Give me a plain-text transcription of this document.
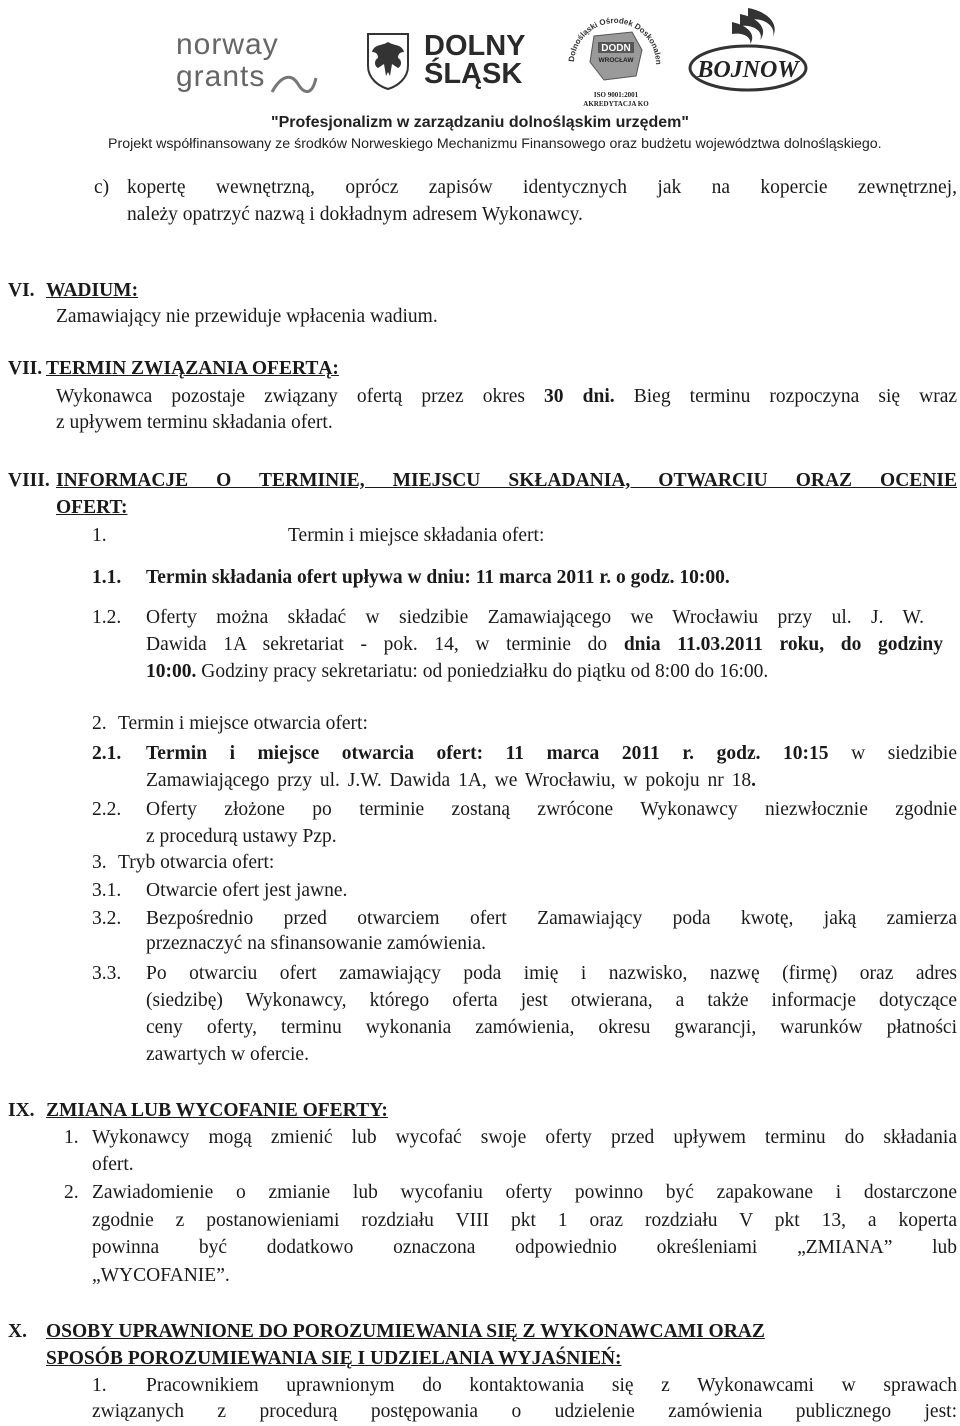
norway
grants
DOLNY
ŚLĄSK	Dolnośląski Ośrodek Doskonalen
DODN
WROCŁAW
ISO 9001:2001
AKREDYTACJA KO
BOJNOW
"Profesjonalizm w zarządzaniu dolnośląskim urzędem"
Projekt współfinansowany ze środków Norweskiego Mechanizmu Finansowego oraz budżetu województwa dolnośląskiego.
c) kopertę wewnętrzną, oprócz zapisów identycznych jak na kopercie zewnętrznej,
należy opatrzyć nazwą i dokładnym adresem Wykonawcy.
VI. WADIUM:
Zamawiający nie przewiduje wpłacenia wadium.
VII. TERMIN ZWIĄZANIA OFERTĄ:
Wykonawca pozostaje związany ofertą przez okres 30 dni. Bieg terminu rozpoczyna się wraz
z upływem terminu składania ofert.
VIII. INFORMACJE O TERMINIE, MIEJSCU SKŁADANIA, OTWARCIU ORAZ OCENIE
OFERT:
1.	Termin i miejsce składania ofert:
1.1. Termin składania ofert upływa w dniu: 11 marca 2011 r. o godz. 10:00.
1.2. Oferty można składać w siedzibie Zamawiającego we Wrocławiu przy ul. J. W.
Dawida 1A sekretariat - pok. 14, w terminie do dnia 11.03.2011 roku, do godziny
10:00. Godziny pracy sekretariatu: od poniedziałku do piątku od 8:00 do 16:00.
2. Termin i miejsce otwarcia ofert:
2.1. Termin i miejsce otwarcia ofert: 11 marca 2011 r. godz. 10:15 w siedzibie
Zamawiającego przy ul. J.W. Dawida 1A, we Wrocławiu, w pokoju nr 18.
2.2. Oferty złożone po terminie zostaną zwrócone Wykonawcy niezwłocznie zgodnie
z procedurą ustawy Pzp.
3. Tryb otwarcia ofert:
3.1. Otwarcie ofert jest jawne.
3.2. Bezpośrednio przed otwarciem ofert Zamawiający poda kwotę, jaką zamierza
przeznaczyć na sfinansowanie zamówienia.
3.3. Po otwarciu ofert zamawiający poda imię i nazwisko, nazwę (firmę) oraz adres
(siedzibę) Wykonawcy, którego oferta jest otwierana, a także informacje dotyczące
ceny oferty, terminu wykonania zamówienia, okresu gwarancji, warunków płatności
zawartych w ofercie.
IX. ZMIANA LUB WYCOFANIE OFERTY:
1. Wykonawcy mogą zmienić lub wycofać swoje oferty przed upływem terminu do składania
ofert.
2. Zawiadomienie o zmianie lub wycofaniu oferty powinno być zapakowane i dostarczone
zgodnie z postanowieniami rozdziału VIII pkt 1 oraz rozdziału V pkt 13, a koperta
powinna być dodatkowo oznaczona odpowiednio określeniami „ZMIANA” lub
„WYCOFANIE”.
X. OSOBY UPRAWNIONE DO POROZUMIEWANIA SIĘ Z WYKONAWCAMI ORAZ
SPOSÓB POROZUMIEWANIA SIĘ I UDZIELANIA WYJAŚNIEŃ:
1. Pracownikiem uprawnionym do kontaktowania się z Wykonawcami w sprawach
związanych z procedurą postępowania o udzielenie zamówienia publicznego jest:
